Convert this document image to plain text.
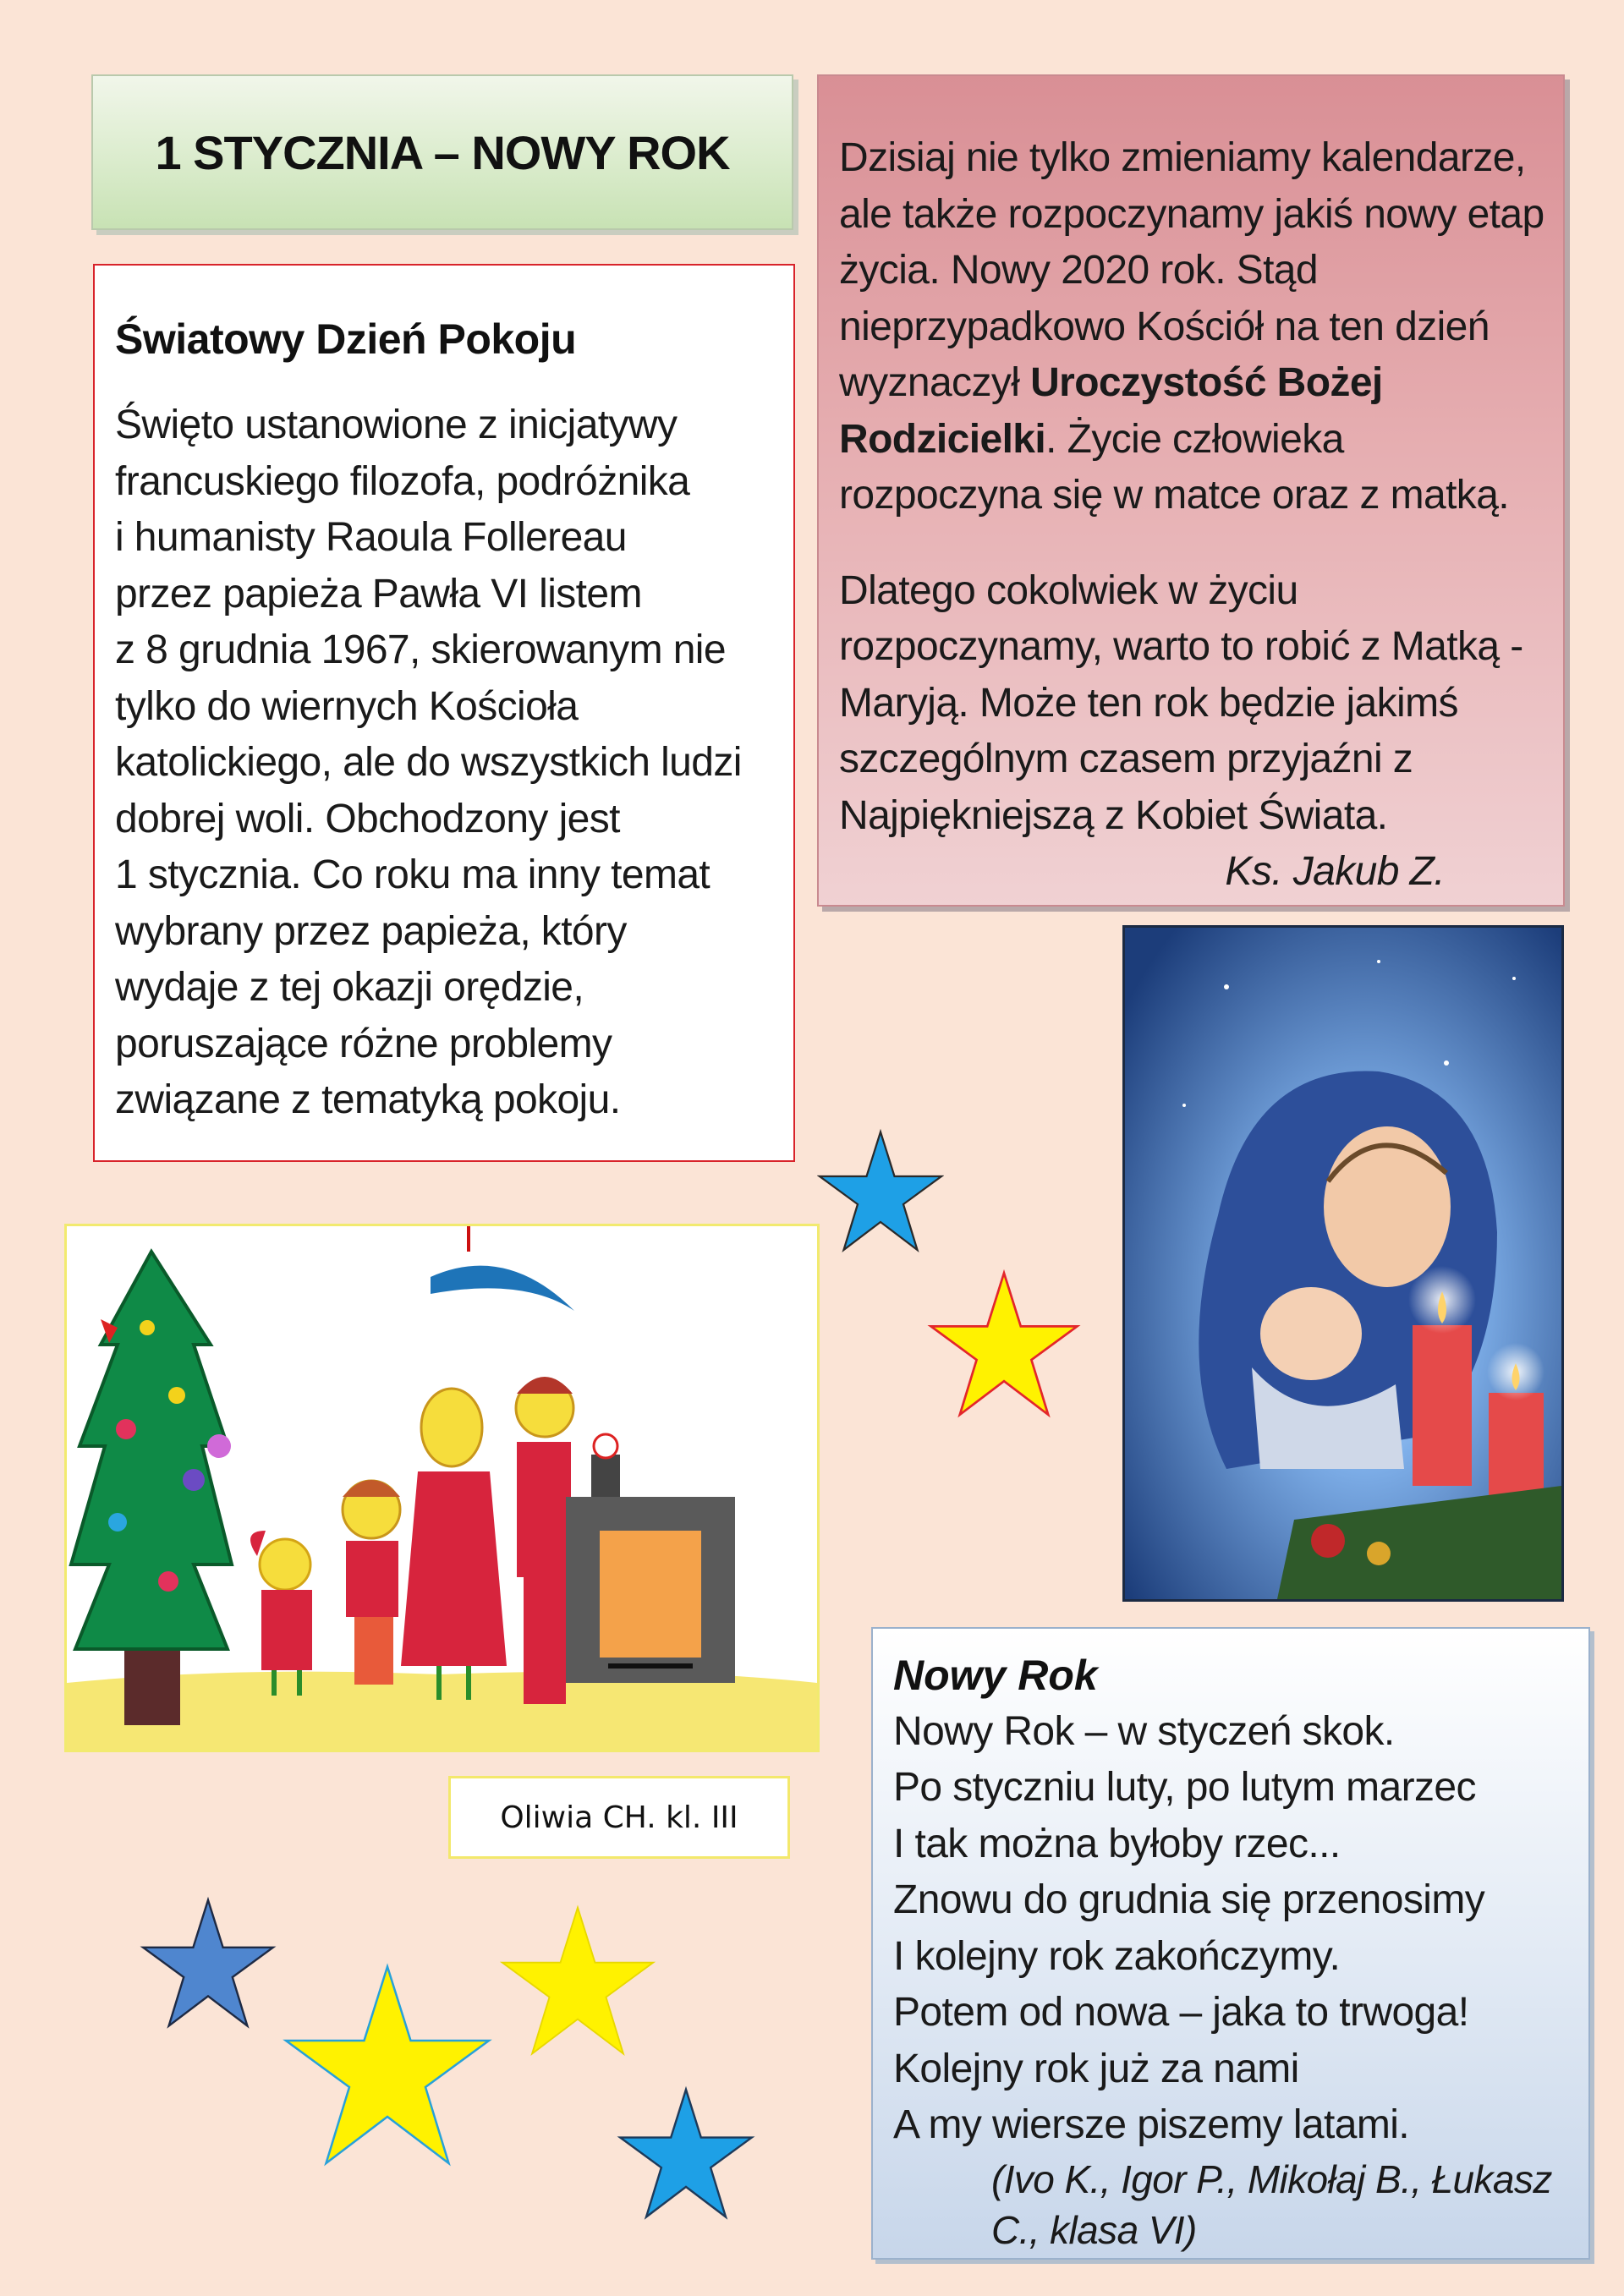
1 STYCZNIA – NOWY ROK
Światowy Dzień Pokoju

Święto ustanowione z inicjatywy
francuskiego filozofa, podróżnika
i humanisty Raoula Follereau
przez papieża Pawła VI listem
z 8 grudnia 1967, skierowanym nie
tylko do wiernych Kościoła
katolickiego, ale do wszystkich ludzi
dobrej woli. Obchodzony jest
1 stycznia. Co roku ma inny temat
wybrany przez papieża, który
wydaje z tej okazji orędzie,
poruszające różne problemy
związane z tematyką pokoju.

Dzisiaj nie tylko zmieniamy kalendarze, ale także rozpoczynamy jakiś nowy etap życia. Nowy 2020 rok. Stąd nieprzypadkowo Kościół na ten dzień wyznaczył Uroczystość Bożej Rodzicielki. Życie człowieka rozpoczyna się w matce oraz z matką.

Dlatego cokolwiek w życiu rozpoczynamy, warto to robić z Matką - Maryją. Może ten rok będzie jakimś szczególnym czasem przyjaźni z Najpiękniejszą z Kobiet Świata.

Ks. Jakub Z.

Oliwia CH. kl. III
Nowy Rok
Nowy Rok – w styczeń skok.
Po styczniu luty, po lutym marzec
I tak można byłoby rzec...
Znowu do grudnia się przenosimy
I kolejny rok zakończymy.
Potem od nowa – jaka to trwoga!
Kolejny rok już za nami
A my wiersze piszemy latami.
(Ivo K., Igor P., Mikołaj B., Łukasz
C., klasa VI)
